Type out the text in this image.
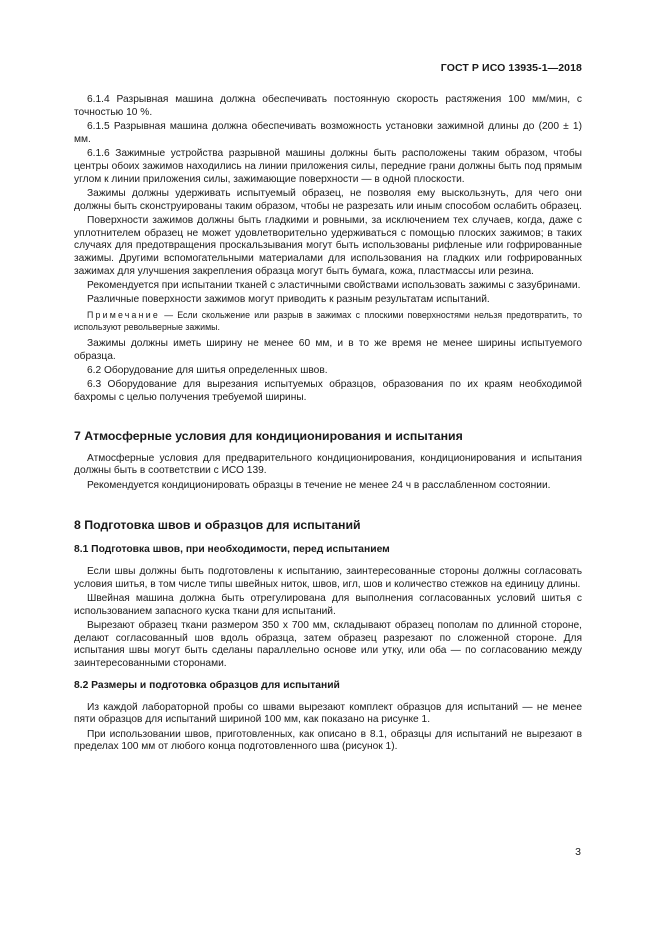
ГОСТ Р ИСО 13935-1—2018

6.1.4 Разрывная машина должна обеспечивать постоянную скорость растяжения 100 мм/мин, с точностью 10 %.

6.1.5 Разрывная машина должна обеспечивать возможность установки зажимной длины до (200 ± 1) мм.

6.1.6 Зажимные устройства разрывной машины должны быть расположены таким образом, чтобы центры обоих зажимов находились на линии приложения силы, передние грани должны быть под прямым углом к линии приложения силы, зажимающие поверхности — в одной плоскости.

Зажимы должны удерживать испытуемый образец, не позволяя ему выскользнуть, для чего они должны быть сконструированы таким образом, чтобы не разрезать или иным способом ослабить образец.

Поверхности зажимов должны быть гладкими и ровными, за исключением тех случаев, когда, даже с уплотнителем образец не может удовлетворительно удерживаться с помощью плоских зажимов; в таких случаях для предотвращения проскальзывания могут быть использованы рифленые или гофрированные зажимы. Другими вспомогательными материалами для использования на гладких или гофрированных зажимах для улучшения закрепления образца могут быть бумага, кожа, пластмассы или резина.

Рекомендуется при испытании тканей с эластичными свойствами использовать зажимы с зазубринами.

Различные поверхности зажимов могут приводить к разным результатам испытаний.

Примечание — Если скольжение или разрыв в зажимах с плоскими поверхностями нельзя предотвратить, то используют револьверные зажимы.

Зажимы должны иметь ширину не менее 60 мм, и в то же время не менее ширины испытуемого образца.

6.2 Оборудование для шитья определенных швов.

6.3 Оборудование для вырезания испытуемых образцов, образования по их краям необходимой бахромы с целью получения требуемой ширины.

7 Атмосферные условия для кондиционирования и испытания

Атмосферные условия для предварительного кондиционирования, кондиционирования и испытания должны быть в соответствии с ИСО 139.

Рекомендуется кондиционировать образцы в течение не менее 24 ч в расслабленном состоянии.

8 Подготовка швов и образцов для испытаний
8.1 Подготовка швов, при необходимости, перед испытанием

Если швы должны быть подготовлены к испытанию, заинтересованные стороны должны согласовать условия шитья, в том числе типы швейных ниток, швов, игл, шов и количество стежков на единицу длины.

Швейная машина должна быть отрегулирована для выполнения согласованных условий шитья с использованием запасного куска ткани для испытаний.

Вырезают образец ткани размером 350 х 700 мм, складывают образец пополам по длинной стороне, делают согласованный шов вдоль образца, затем образец разрезают по сложенной стороне. Для испытания швы могут быть сделаны параллельно основе или утку, или оба — по согласованию между заинтересованными сторонами.

8.2 Размеры и подготовка образцов для испытаний

Из каждой лабораторной пробы со швами вырезают комплект образцов для испытаний — не менее пяти образцов для испытаний шириной 100 мм, как показано на рисунке 1.

При использовании швов, приготовленных, как описано в 8.1, образцы для испытаний не вырезают в пределах 100 мм от любого конца подготовленного шва (рисунок 1).

3
